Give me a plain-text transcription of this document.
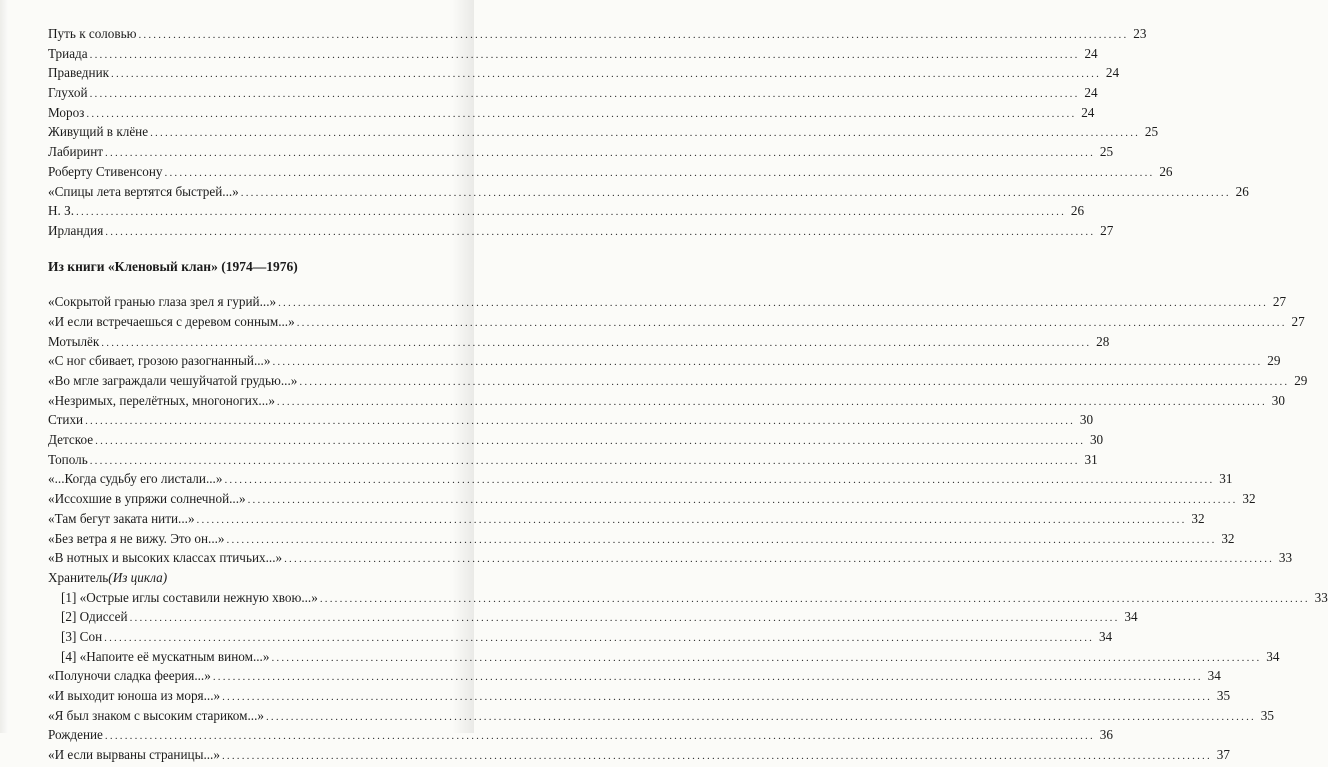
Путь к соловью .....	23
Триада .....	24
Праведник .....	24
Глухой .....	24
Мороз .....	24
Живущий в клёне .....	25
Лабиринт .....	25
Роберту Стивенсону .....	26
«Спицы лета вертятся быстрей...» .....	26
Н. З. .....	26
Ирландия .....	27
Из книги «Кленовый клан» (1974—1976)
«Сокрытой гранью глаза зрел я гурий...» .....	27
«И если встречаешься с деревом сонным...» .....	27
Мотылёк .....	28
«С ног сбивает, грозою разогнанный...» .....	29
«Во мгле заграждали чешуйчатой грудью...» .....	29
«Незримых, перелётных, многоногих...» .....	30
Стихи .....	30
Детское .....	30
Тополь .....	31
«...Когда судьбу его листали...» .....	31
«Иссохшие в упряжи солнечной...» .....	32
«Там бегут заката нити...» .....	32
«Без ветра я не вижу. Это он...» .....	32
«В нотных и высоких классах птичьих...» .....	33
Хранитель (Из цикла)
[1] «Острые иглы составили нежную хвою...» .....	33
[2] Одиссей .....	34
[3] Сон .....	34
[4] «Напоите её мускатным вином...» .....	34
«Полуночи сладка феерия...» .....	34
«И выходит юноша из моря...» .....	35
«Я был знаком с высоким стариком...» .....	35
Рождение .....	36
«И если вырваны страницы...» .....	37
